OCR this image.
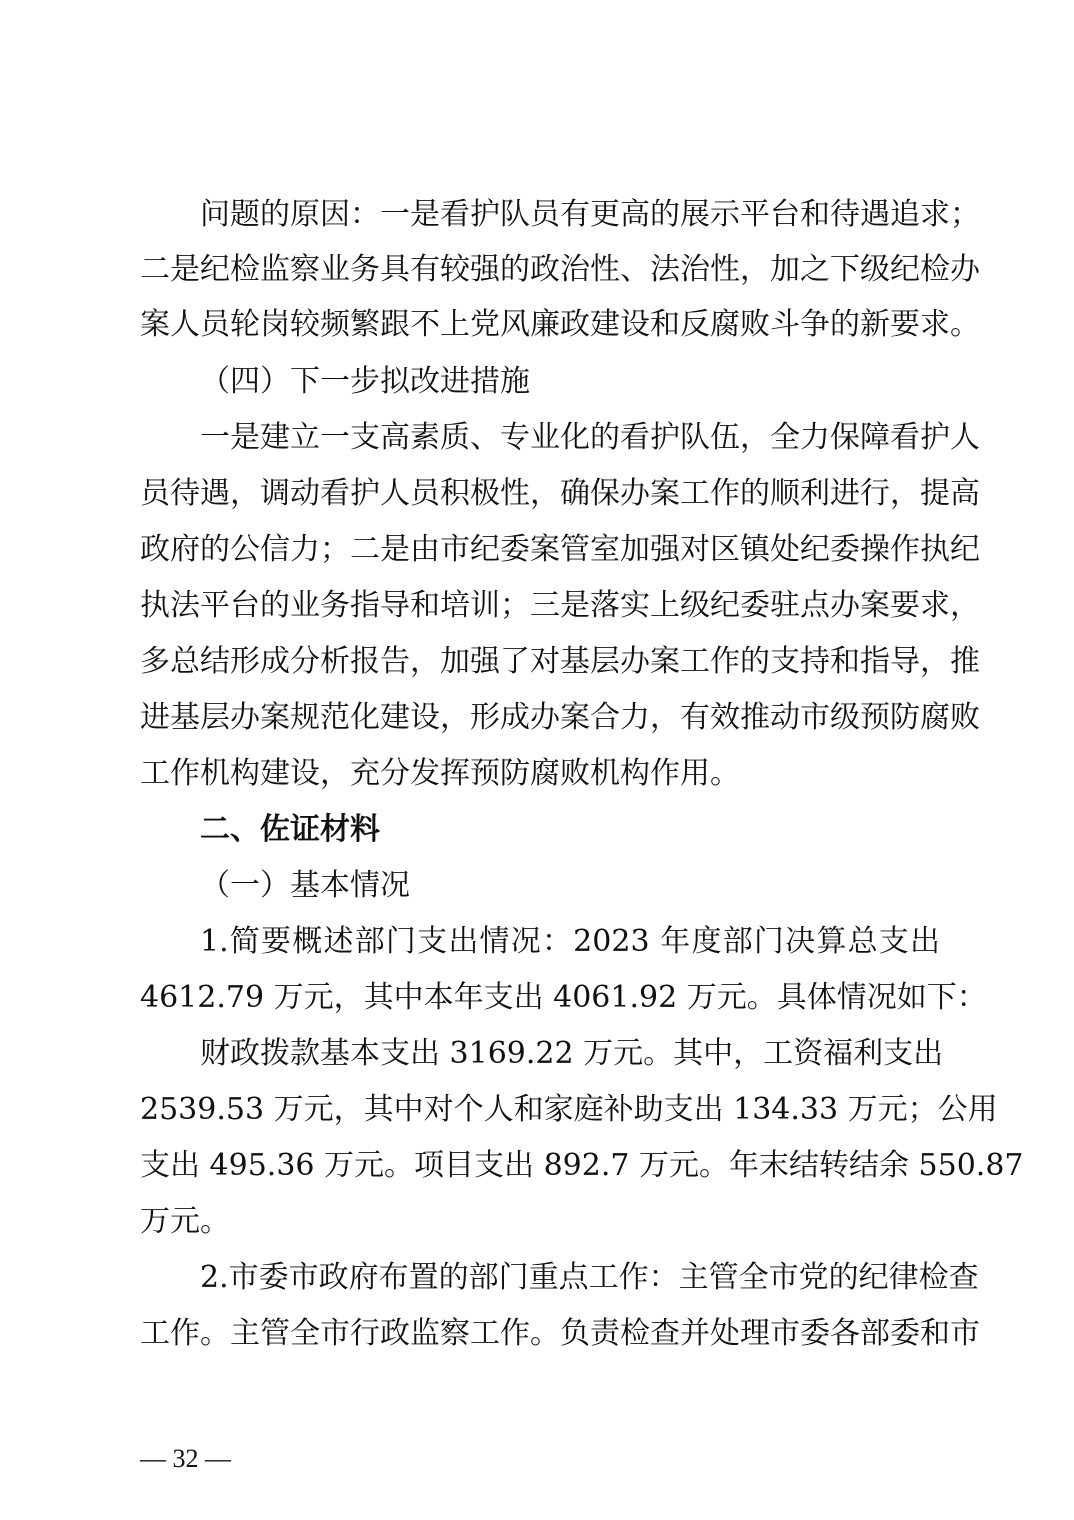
问题的原因：一是看护队员有更高的展示平台和待遇追求；
二是纪检监察业务具有较强的政治性、法治性，加之下级纪检办
案人员轮岗较频繁跟不上党风廉政建设和反腐败斗争的新要求。
（四）下一步拟改进措施
一是建立一支高素质、专业化的看护队伍，全力保障看护人
员待遇，调动看护人员积极性，确保办案工作的顺利进行，提高
政府的公信力；二是由市纪委案管室加强对区镇处纪委操作执纪
执法平台的业务指导和培训；三是落实上级纪委驻点办案要求，
多总结形成分析报告，加强了对基层办案工作的支持和指导，推
进基层办案规范化建设，形成办案合力，有效推动市级预防腐败
工作机构建设，充分发挥预防腐败机构作用。
二、佐证材料
（一）基本情况
1.简要概述部门支出情况：2023 年度部门决算总支出
4612.79 万元，其中本年支出 4061.92 万元。具体情况如下：
财政拨款基本支出 3169.22 万元。其中，工资福利支出
2539.53 万元，其中对个人和家庭补助支出 134.33 万元；公用
支出 495.36 万元。项目支出 892.7 万元。年末结转结余 550.87
万元。
2.市委市政府布置的部门重点工作：主管全市党的纪律检查
工作。主管全市行政监察工作。负责检查并处理市委各部委和市
— 32 —
